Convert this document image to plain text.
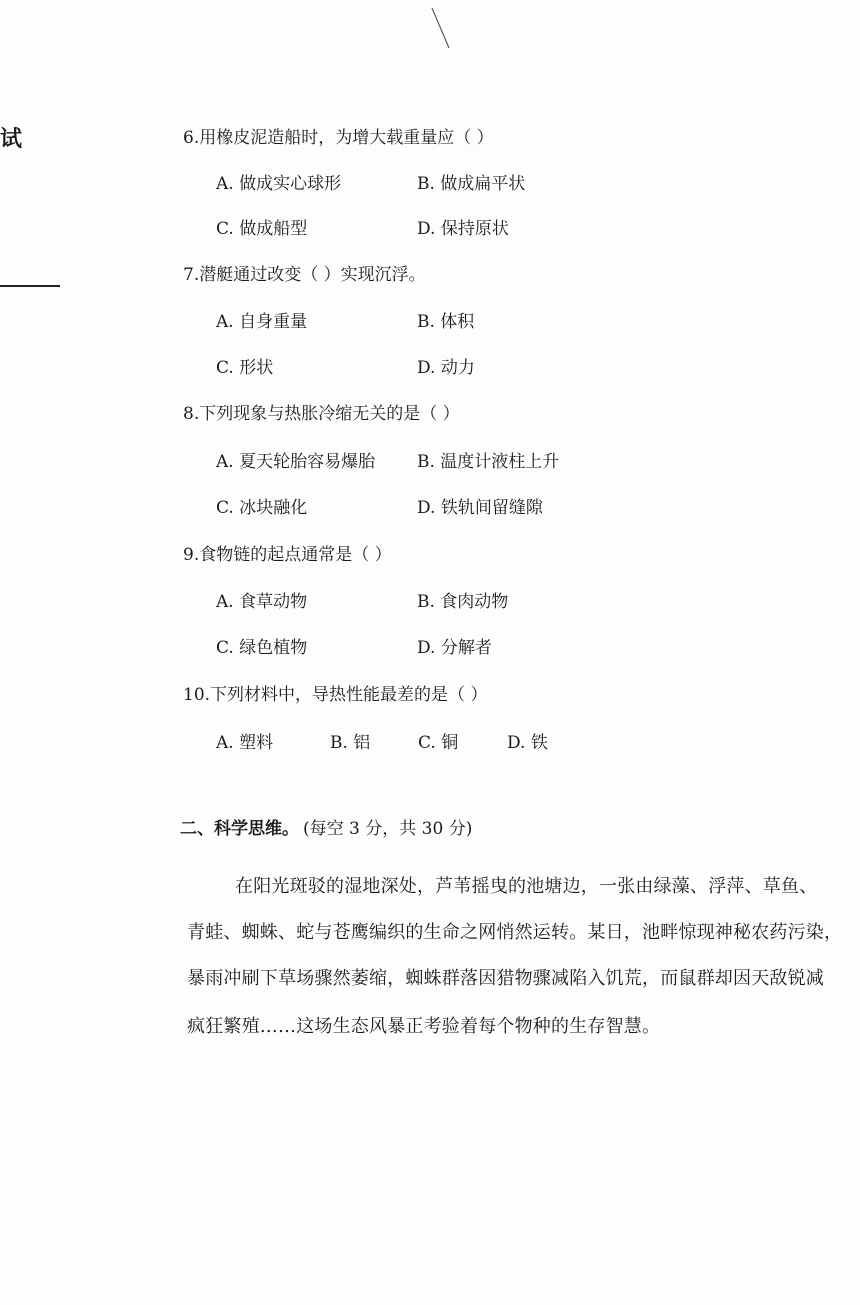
试	6.用橡皮泥造船时，为增大载重量应（ ）
A. 做成实心球形	B. 做成扁平状
C. 做成船型	D. 保持原状
7.潜艇通过改变（ ）实现沉浮。
A. 自身重量	B. 体积
C. 形状	D. 动力
8.下列现象与热胀冷缩无关的是（ ）
A. 夏天轮胎容易爆胎 B. 温度计液柱上升
C. 冰块融化	D. 铁轨间留缝隙
9.食物链的起点通常是（ ）
A. 食草动物	B. 食肉动物
C. 绿色植物	D. 分解者
10.下列材料中，导热性能最差的是（ ）
A. 塑料	B. 铝	C. 铜	D. 铁
二、科学思维。 (每空 3 分，共 30 分)
在阳光斑驳的湿地深处，芦苇摇曳的池塘边，一张由绿藻、浮萍、草鱼、
青蛙、蜘蛛、蛇与苍鹰编织的生命之网悄然运转。某日，池畔惊现神秘农药污染，
暴雨冲刷下草场骤然萎缩，蜘蛛群落因猎物骤减陷入饥荒，而鼠群却因天敌锐减
疯狂繁殖……这场生态风暴正考验着每个物种的生存智慧。
